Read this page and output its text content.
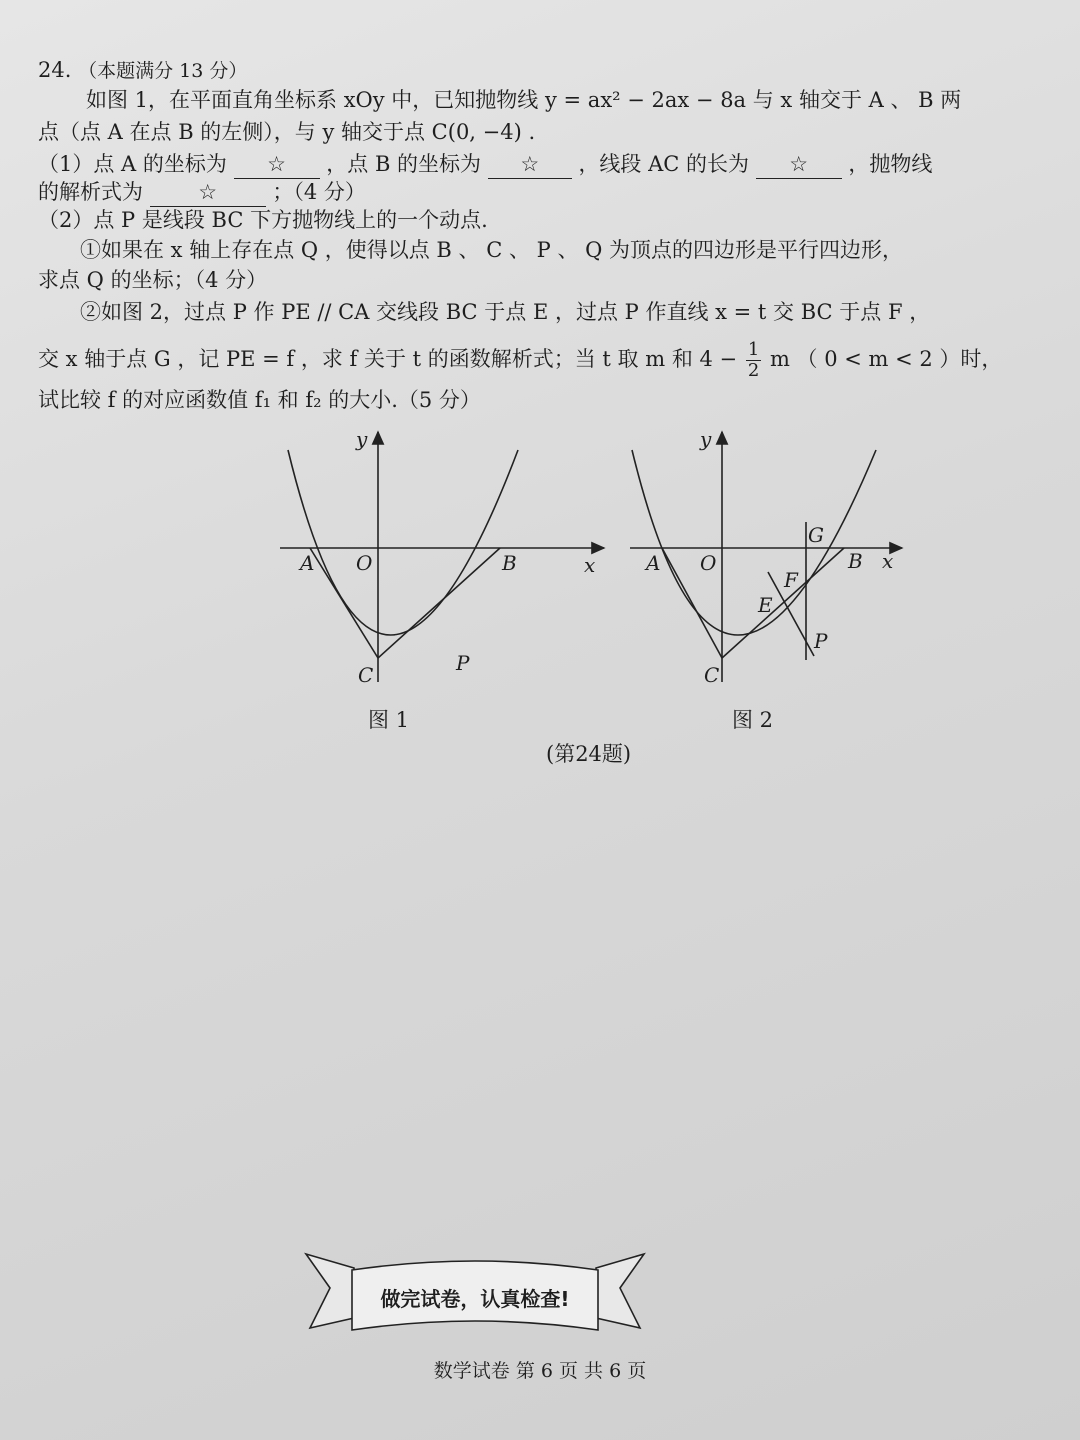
24. （本题满分 13 分）
如图 1，在平面直角坐标系 xOy 中，已知抛物线 y = ax² − 2ax − 8a 与 x 轴交于 A 、 B 两
点（点 A 在点 B 的左侧），与 y 轴交于点 C(0, −4) .
（1）点 A 的坐标为 ☆ ，点 B 的坐标为 ☆ ，线段 AC 的长为 ☆ ，抛物线
的解析式为	☆	；（4 分）
（2）点 P 是线段 BC 下方抛物线上的一个动点.
①如果在 x 轴上存在点 Q ，使得以点 B 、 C 、 P 、 Q 为顶点的四边形是平行四边形，
求点 Q 的坐标；（4 分）
②如图 2，过点 P 作 PE // CA 交线段 BC 于点 E ，过点 P 作直线 x = t 交 BC 于点 F ，
交 x 轴于点 G ，记 PE = f ，求 f 关于 t 的函数解析式；当 t 取 m 和 $4 - \frac{1}{2}$ m （ 0 < m < 2 ）时，
试比较 f 的对应函数值 f₁ 和 f₂ 的大小.（5 分）
y
x
A O	B
C	P
y
x
A O	B
C
P
G
F
E
图 1	图 2
(第24题)
做完试卷，认真检查!
数学试卷 第 6 页 共 6 页
